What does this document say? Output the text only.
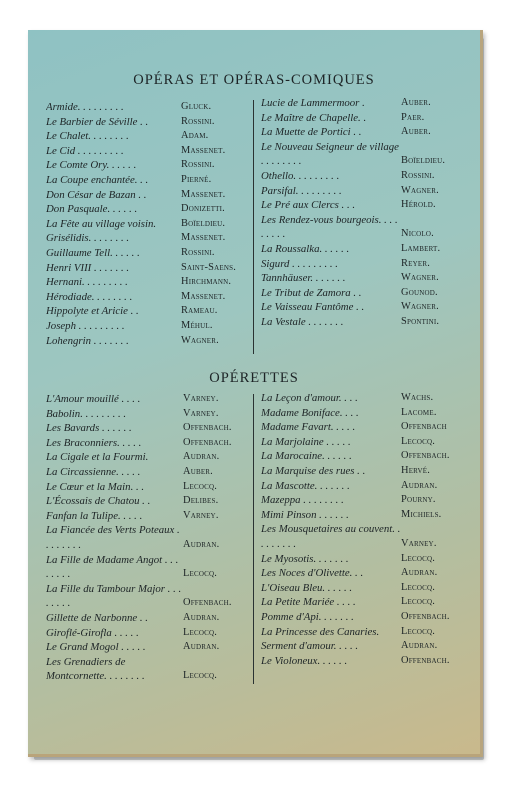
OPÉRAS ET OPÉRAS-COMIQUES
Armide. . . . . . . . .	Gluck.
Le Barbier de Séville . .	Rossini.
Le Chalet. . . . . . . .	Adam.
Le Cid . . . . . . . . .	Massenet.
Le Comte Ory. . . . . .	Rossini.
La Coupe enchantée. . .	Pierné.
Don César de Bazan . .	Massenet.
Don Pasquale. . . . . .	Donizetti.
La Fête au village voisin.	Boïeldieu.
Grisélidis. . . . . . . .	Massenet.
Guillaume Tell. . . . . .	Rossini.
Henri VIII . . . . . . .	Saint-Saens.
Hernani. . . . . . . . .	Hirchmann.
Hérodiade. . . . . . . .	Massenet.
Hippolyte et Aricie . .	Rameau.
Joseph . . . . . . . . .	Méhul.
Lohengrin . . . . . . .	Wagner.
Lucie de Lammermoor .	Auber.
Le Maître de Chapelle. .	Paer.
La Muette de Portici . .	Auber.
Le Nouveau Seigneur de village . . . . . . . .	Boïeldieu.
Othello. . . . . . . . .	Rossini.
Parsifal. . . . . . . . .	Wagner.
Le Pré aux Clercs . . .	Hérold.
Les Rendez-vous bourgeois. . . . . . . . .	Nicolo.
La Roussalka. . . . . .	Lambert.
Sigurd . . . . . . . . .	Reyer.
Tannhäuser. . . . . . .	Wagner.
Le Tribut de Zamora . .	Gounod.
Le Vaisseau Fantôme . .	Wagner.
La Vestale . . . . . . .	Spontini.
OPÉRETTES
L'Amour mouillé . . . .	Varney.
Babolin. . . . . . . . .	Varney.
Les Bavards . . . . . .	Offenbach.
Les Braconniers. . . . .	Offenbach.
La Cigale et la Fourmi.	Audran.
La Circassienne. . . . .	Auber.
Le Cœur et la Main. . .	Lecocq.
L'Écossais de Chatou . .	Delibes.
Fanfan la Tulipe. . . . .	Varney.
La Fiancée des Verts Poteaux . . . . . . . .	Audran.
La Fille de Madame Angot . . . . . . . .	Lecocq.
La Fille du Tambour Major . . . . . . . .	Offenbach.
Gillette de Narbonne . .	Audran.
Giroflé-Girofla . . . . .	Lecocq.
Le Grand Mogol . . . . .	Audran.
Les Grenadiers de Montcornette. . . . . . . .	Lecocq.
La Leçon d'amour. . . .	Wachs.
Madame Boniface. . . .	Lacome.
Madame Favart. . . . .	Offenbach
La Marjolaine . . . . .	Lecocq.
La Marocaine. . . . . .	Offenbach.
La Marquise des rues . .	Hervé.
La Mascotte. . . . . . .	Audran.
Mazeppa . . . . . . . .	Pourny.
Mimi Pinson . . . . . .	Michiels.
Les Mousquetaires au couvent. . . . . . . . .	Varney.
Le Myosotis. . . . . . .	Lecocq.
Les Noces d'Olivette. . .	Audran.
L'Oiseau Bleu. . . . . .	Lecocq.
La Petite Mariée . . . .	Lecocq.
Pomme d'Api. . . . . . .	Offenbach.
La Princesse des Canaries.	Lecocq.
Serment d'amour. . . . .	Audran.
Le Violoneux. . . . . .	Offenbach.
